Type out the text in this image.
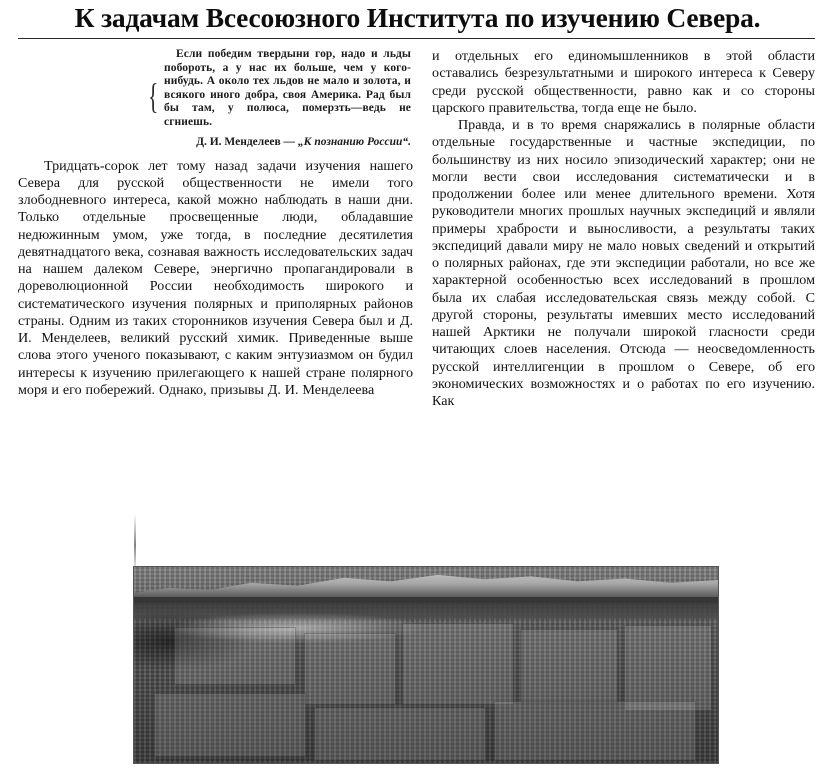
К задачам Всесоюзного Института по изучению Севера.

Если победим твердыни гор, надо и льды побороть, а у нас их больше, чем у кого-нибудь. А около тех льдов не мало и золота, и всякого иного добра, своя Америка. Рад был бы там, у полюса, померзть—ведь не сгниешь.

Д. И. Менделеев — „К познанию России“.

Тридцать-сорок лет тому назад задачи изучения нашего Севера для русской общественности не имели того злободневного интереса, какой можно наблюдать в наши дни. Только отдельные просвещенные люди, обладавшие недюжинным умом, уже тогда, в последние десятилетия девятнадцатого века, сознавая важность исследовательских задач на нашем далеком Севере, энергично пропагандировали в дореволюционной России необходимость широкого и систематического изучения полярных и приполярных районов страны. Одним из таких сторонников изучения Севера был и Д. И. Менделеев, великий русский химик. Приведенные выше слова этого ученого показывают, с каким энтузиазмом он будил интересы к изучению прилегающего к нашей стране полярного моря и его побережий. Однако, призывы Д. И. Менделеева

{

и отдельных его единомышленников в этой области оставались безрезультатными и широкого интереса к Северу среди русской общественности, равно как и со стороны царского правительства, тогда еще не было.

Правда, и в то время снаряжались в полярные области отдельные государственные и частные экспедиции, по большинству из них носило эпизодический характер; они не могли вести свои исследования систематически и в продолжении более или менее длительного времени. Хотя руководители многих прошлых научных экспедиций и являли примеры храбрости и выносливости, а результаты таких экспедиций давали миру не мало новых сведений и открытий о полярных районах, где эти экспедиции работали, но все же характерной особенностью всех исследований в прошлом была их слабая исследовательская связь между собой. С другой стороны, результаты имевших место исследований нашей Арктики не получали широкой гласности среди читающих слоев населения. Отсюда — неосведомленность русской интеллигенции в прошлом о Севере, об его экономических возможностях и о работах по его изучению. Как
